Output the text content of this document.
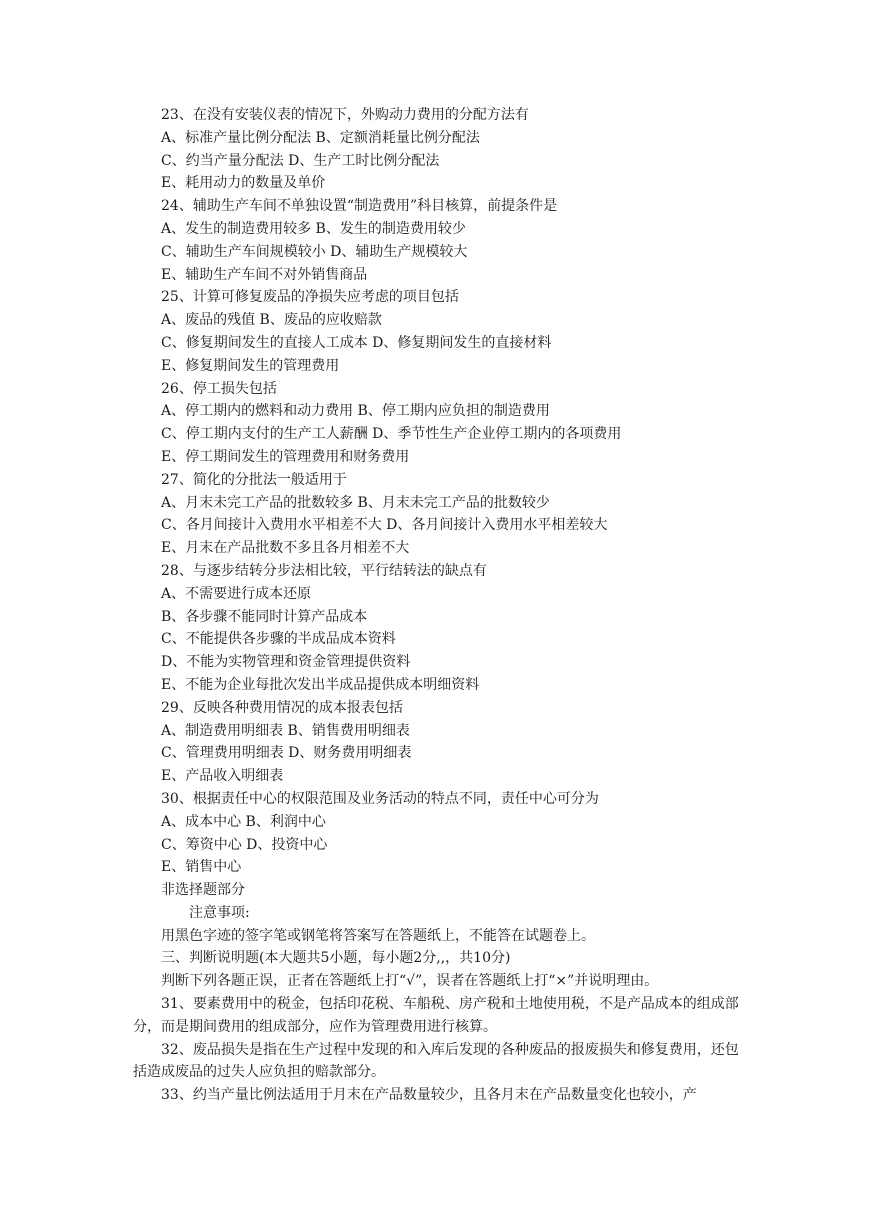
23、在没有安装仪表的情况下，外购动力费用的分配方法有
A、标准产量比例分配法 B、定额消耗量比例分配法
C、约当产量分配法 D、生产工时比例分配法
E、耗用动力的数量及单价
24、辅助生产车间不单独设置“制造费用”科目核算，前提条件是
A、发生的制造费用较多 B、发生的制造费用较少
C、辅助生产车间规模较小 D、辅助生产规模较大
E、辅助生产车间不对外销售商品
25、计算可修复废品的净损失应考虑的项目包括
A、废品的残值 B、废品的应收赔款
C、修复期间发生的直接人工成本 D、修复期间发生的直接材料
E、修复期间发生的管理费用
26、停工损失包括
A、停工期内的燃料和动力费用 B、停工期内应负担的制造费用
C、停工期内支付的生产工人薪酬 D、季节性生产企业停工期内的各项费用
E、停工期间发生的管理费用和财务费用
27、简化的分批法一般适用于
A、月末未完工产品的批数较多 B、月末未完工产品的批数较少
C、各月间接计入费用水平相差不大 D、各月间接计入费用水平相差较大
E、月末在产品批数不多且各月相差不大
28、与逐步结转分步法相比较，平行结转法的缺点有
A、不需要进行成本还原
B、各步骤不能同时计算产品成本
C、不能提供各步骤的半成品成本资料
D、不能为实物管理和资金管理提供资料
E、不能为企业每批次发出半成品提供成本明细资料
29、反映各种费用情况的成本报表包括
A、制造费用明细表 B、销售费用明细表
C、管理费用明细表 D、财务费用明细表
E、产品收入明细表
30、根据责任中心的权限范围及业务活动的特点不同，责任中心可分为
A、成本中心 B、利润中心
C、筹资中心 D、投资中心
E、销售中心
非选择题部分
注意事项:
用黑色字迹的签字笔或钢笔将答案写在答题纸上，不能答在试题卷上。
三、判断说明题(本大题共5小题，每小题2分,,，共10分)
判断下列各题正误，正者在答题纸上打“√”，误者在答题纸上打“×”并说明理由。

31、要素费用中的税金，包括印花税、车船税、房产税和土地使用税，不是产品成本的组成部分，而是期间费用的组成部分，应作为管理费用进行核算。

32、废品损失是指在生产过程中发现的和入库后发现的各种废品的报废损失和修复费用，还包括造成废品的过失人应负担的赔款部分。

33、约当产量比例法适用于月末在产品数量较少，且各月末在产品数量变化也较小，产
